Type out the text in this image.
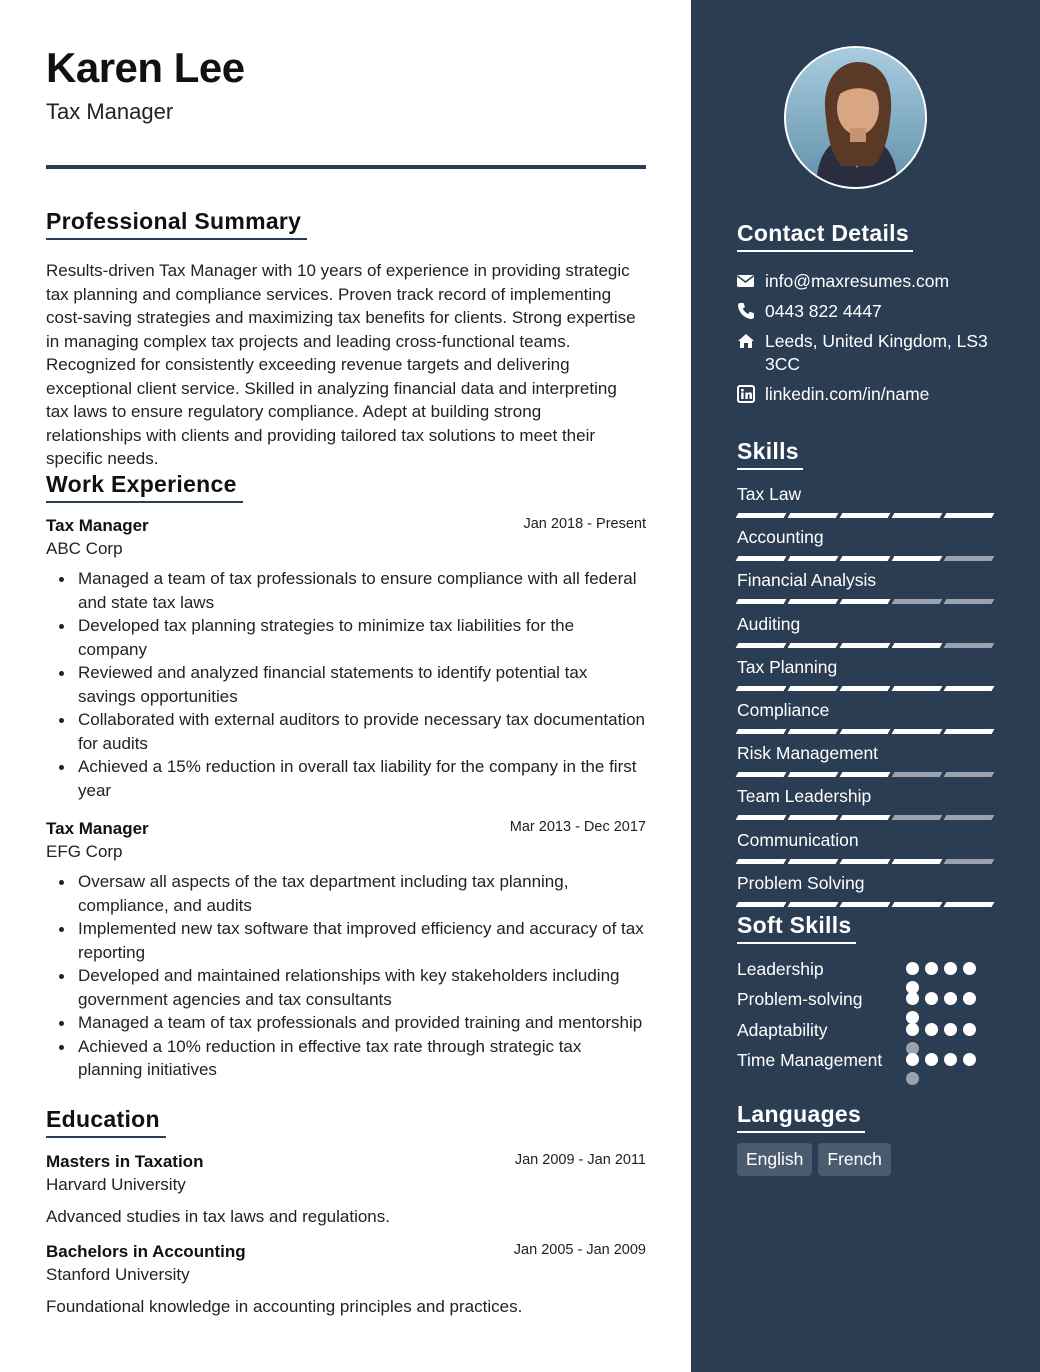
Karen Lee
Tax Manager
Professional Summary
Results-driven Tax Manager with 10 years of experience in providing strategic tax planning and compliance services. Proven track record of implementing cost-saving strategies and maximizing tax benefits for clients. Strong expertise in managing complex tax projects and leading cross-functional teams. Recognized for consistently exceeding revenue targets and delivering exceptional client service. Skilled in analyzing financial data and interpreting tax laws to ensure regulatory compliance. Adept at building strong relationships with clients and providing tailored tax solutions to meet their specific needs.
Work Experience
Tax Manager	Jan 2018 - Present
ABC Corp
Managed a team of tax professionals to ensure compliance with all federal and state tax laws
Developed tax planning strategies to minimize tax liabilities for the company
Reviewed and analyzed financial statements to identify potential tax savings opportunities
Collaborated with external auditors to provide necessary tax documentation for audits
Achieved a 15% reduction in overall tax liability for the company in the first year
Tax Manager	Mar 2013 - Dec 2017
EFG Corp
Oversaw all aspects of the tax department including tax planning, compliance, and audits
Implemented new tax software that improved efficiency and accuracy of tax reporting
Developed and maintained relationships with key stakeholders including government agencies and tax consultants
Managed a team of tax professionals and provided training and mentorship
Achieved a 10% reduction in effective tax rate through strategic tax planning initiatives
Education
Masters in Taxation	Jan 2009 - Jan 2011
Harvard University
Advanced studies in tax laws and regulations.
Bachelors in Accounting	Jan 2005 - Jan 2009
Stanford University
Foundational knowledge in accounting principles and practices.
Contact Details
info@maxresumes.com
0443 822 4447
Leeds, United Kingdom, LS3 3CC
linkedin.com/in/name
Skills
Tax Law
Accounting
Financial Analysis
Auditing
Tax Planning
Compliance
Risk Management
Team Leadership
Communication
Problem Solving
Soft Skills
Leadership
Problem-solving
Adaptability
Time Management
Languages
English	French
